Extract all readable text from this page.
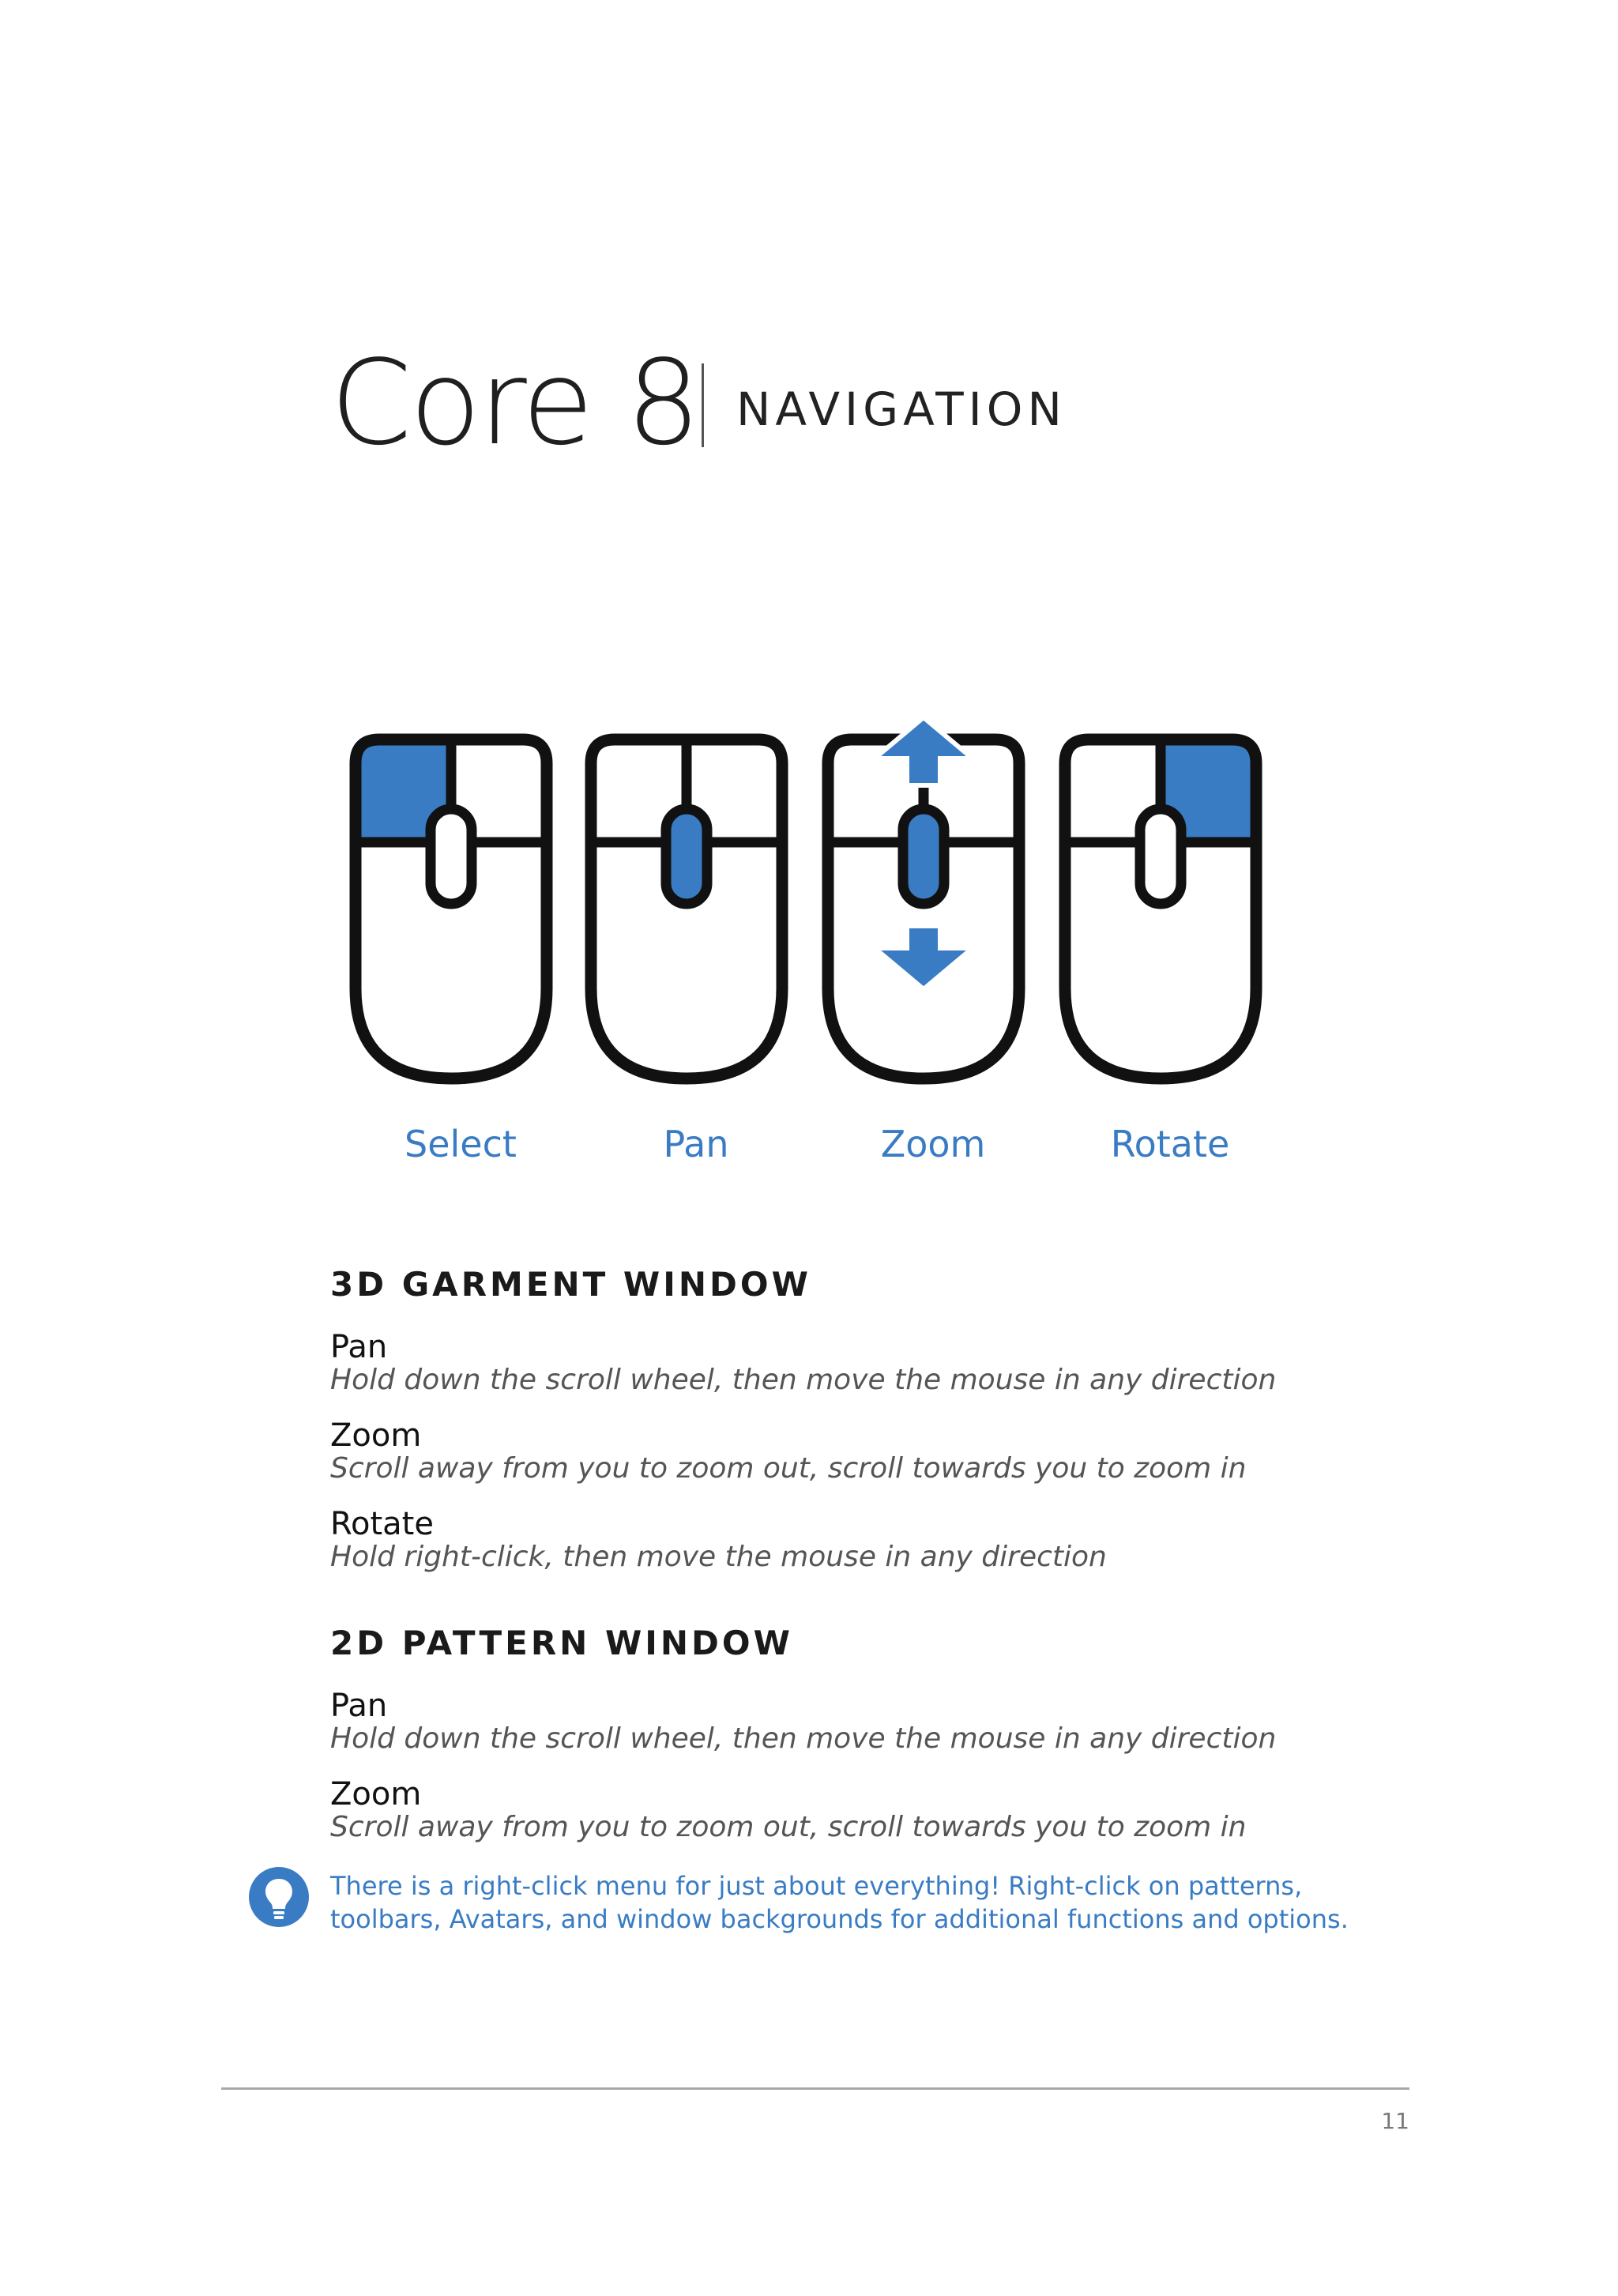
Core 8 NAVIGATION
Select	Pan	Zoom	Rotate
3D GARMENT WINDOW
Pan
Hold down the scroll wheel, then move the mouse in any direction
Zoom
Scroll away from you to zoom out, scroll towards you to zoom in
Rotate
Hold right-click, then move the mouse in any direction
2D PATTERN WINDOW
Pan
Hold down the scroll wheel, then move the mouse in any direction
Zoom
Scroll away from you to zoom out, scroll towards you to zoom in
There is a right-click menu for just about everything! Right-click on patterns,
toolbars, Avatars, and window backgrounds for additional functions and options.
11
